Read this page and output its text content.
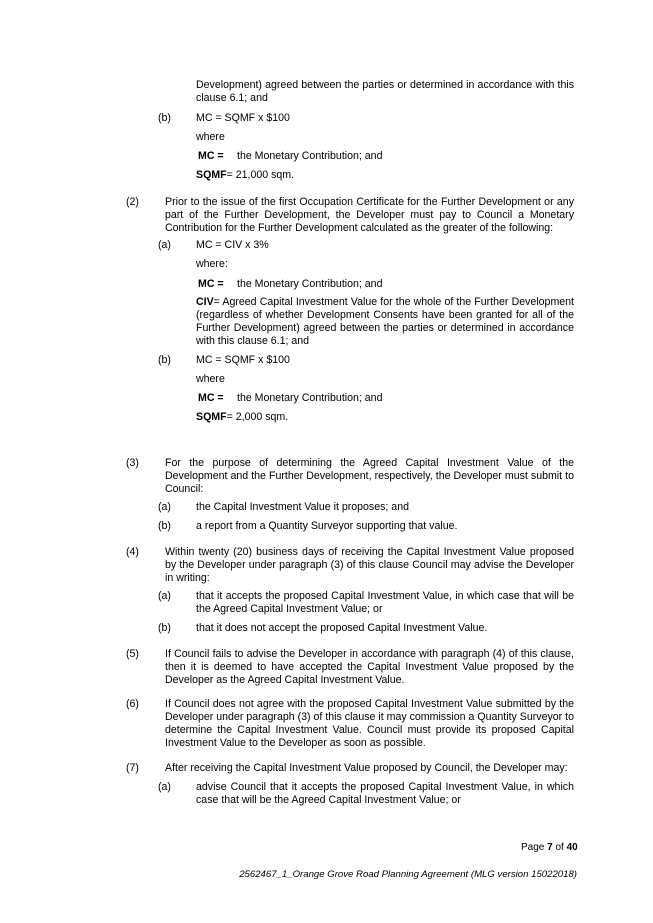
Development) agreed between the parties or determined in accordance with this clause 6.1; and

(b) MC = SQMF x $100
where
MC = the Monetary Contribution; and
SQMF= 21,000 sqm.
(2) Prior to the issue of the first Occupation Certificate for the Further Development or any part of the Further Development, the Developer must pay to Council a Monetary Contribution for the Further Development calculated as the greater of the following:

(a) MC = CIV x 3%
where:
MC = the Monetary Contribution; and

CIV= Agreed Capital Investment Value for the whole of the Further Development (regardless of whether Development Consents have been granted for all of the Further Development) agreed between the parties or determined in accordance with this clause 6.1; and

(b) MC = SQMF x $100
where
MC = the Monetary Contribution; and
SQMF= 2,000 sqm.
(3) For the purpose of determining the Agreed Capital Investment Value of the Development and the Further Development, respectively, the Developer must submit to Council:

(a) the Capital Investment Value it proposes; and
(b) a report from a Quantity Surveyor supporting that value.
(4) Within twenty (20) business days of receiving the Capital Investment Value proposed by the Developer under paragraph (3) of this clause Council may advise the Developer in writing:

(a) that it accepts the proposed Capital Investment Value, in which case that will be the Agreed Capital Investment Value; or

(b) that it does not accept the proposed Capital Investment Value.
(5) If Council fails to advise the Developer in accordance with paragraph (4) of this clause, then it is deemed to have accepted the Capital Investment Value proposed by the Developer as the Agreed Capital Investment Value.

(6) If Council does not agree with the proposed Capital Investment Value submitted by the Developer under paragraph (3) of this clause it may commission a Quantity Surveyor to determine the Capital Investment Value. Council must provide its proposed Capital Investment Value to the Developer as soon as possible.

(7) After receiving the Capital Investment Value proposed by Council, the Developer may:
(a) advise Council that it accepts the proposed Capital Investment Value, in which case that will be the Agreed Capital Investment Value; or

Page 7 of 40
2562467_1_Orange Grove Road Planning Agreement (MLG version 15022018)
